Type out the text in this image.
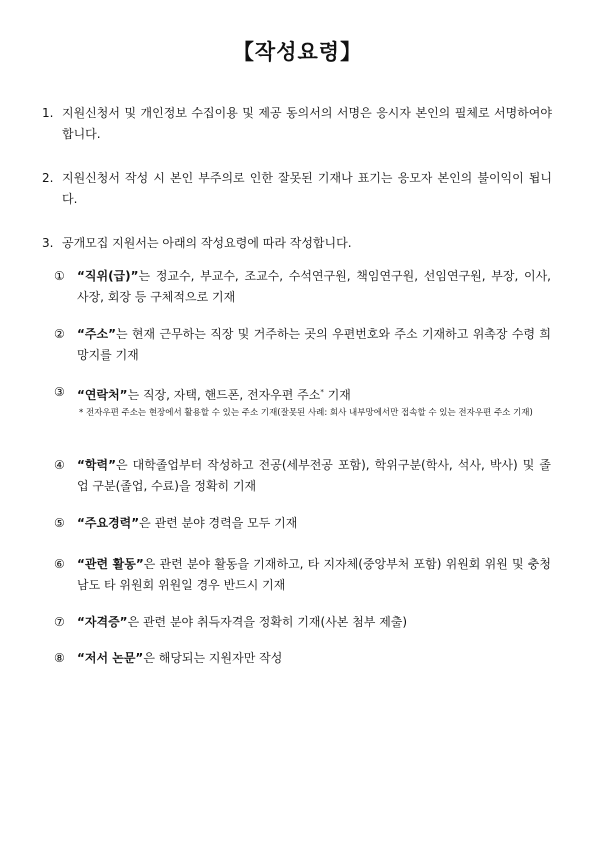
【작성요령】
1. 지원신청서 및 개인정보 수집이용 및 제공 동의서의 서명은 응시자 본인의 필체로 서명하여야 합니다.
2. 지원신청서 작성 시 본인 부주의로 인한 잘못된 기재나 표기는 응모자 본인의 불이익이 됩니다.
3. 공개모집 지원서는 아래의 작성요령에 따라 작성합니다.
① “직위(급)”는 정교수, 부교수, 조교수, 수석연구원, 책임연구원, 선임연구원, 부장, 이사, 사장, 회장 등 구체적으로 기재
② “주소”는 현재 근무하는 직장 및 거주하는 곳의 우편번호와 주소 기재하고 위촉장 수령 희망지를 기재
③ “연락처”는 직장, 자택, 핸드폰, 전자우편 주소* 기재
* 전자우편 주소는 현장에서 활용할 수 있는 주소 기재(잘못된 사례: 회사 내부망에서만 접속할 수 있는 전자우편 주소 기재)
④ “학력”은 대학졸업부터 작성하고 전공(세부전공 포함), 학위구분(학사, 석사, 박사) 및 졸업 구분(졸업, 수료)을 정확히 기재
⑤ “주요경력”은 관련 분야 경력을 모두 기재
⑥ “관련 활동”은 관련 분야 활동을 기재하고, 타 지자체(중앙부처 포함) 위원회 위원 및 충청남도 타 위원회 위원일 경우 반드시 기재
⑦ “자격증”은 관련 분야 취득자격을 정확히 기재(사본 첨부 제출)
⑧ “저서 논문”은 해당되는 지원자만 작성
